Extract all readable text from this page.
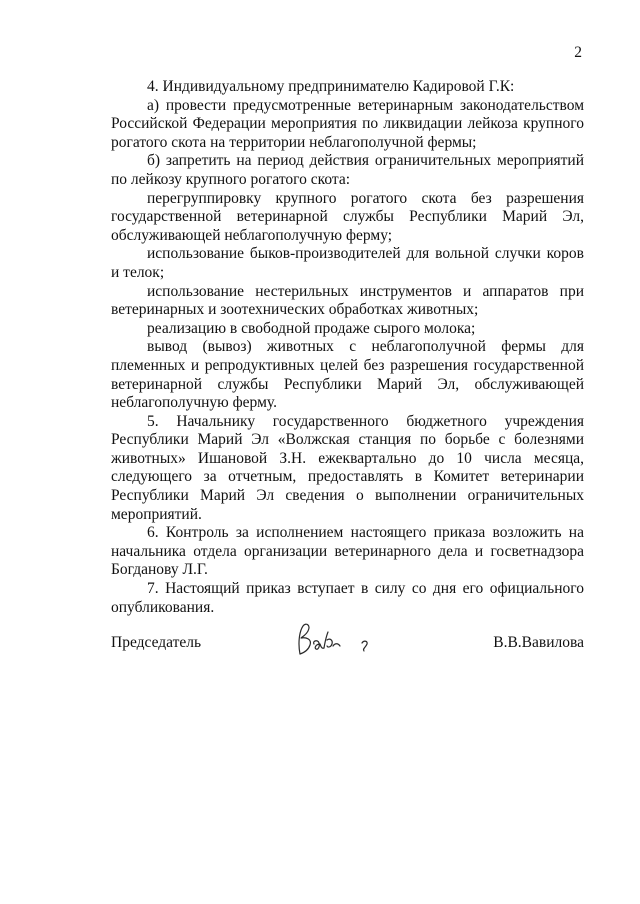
2

4. Индивидуальному предпринимателю Кадировой Г.К:

а) провести предусмотренные ветеринарным законодательством Российской Федерации мероприятия по ликвидации лейкоза крупного рогатого скота на территории неблагополучной фермы;

б) запретить на период действия ограничительных мероприятий по лейкозу крупного рогатого скота:

перегруппировку крупного рогатого скота без разрешения государственной ветеринарной службы Республики Марий Эл, обслуживающей неблагополучную ферму;

использование быков-производителей для вольной случки коров и телок;

использование нестерильных инструментов и аппаратов при ветеринарных и зоотехнических обработках животных;

реализацию в свободной продаже сырого молока;

вывод (вывоз) животных с неблагополучной фермы для племенных и репродуктивных целей без разрешения государственной ветеринарной службы Республики Марий Эл, обслуживающей неблагополучную ферму.

5. Начальнику государственного бюджетного учреждения Республики Марий Эл «Волжская станция по борьбе с болезнями животных» Ишановой З.Н. ежеквартально до 10 числа месяца, следующего за отчетным, предоставлять в Комитет ветеринарии Республики Марий Эл сведения о выполнении ограничительных мероприятий.

6. Контроль за исполнением настоящего приказа возложить на начальника отдела организации ветеринарного дела и госветнадзора Богданову Л.Г.

7. Настоящий приказ вступает в силу со дня его официального опубликования.

Председатель	В.В.Вавилова
